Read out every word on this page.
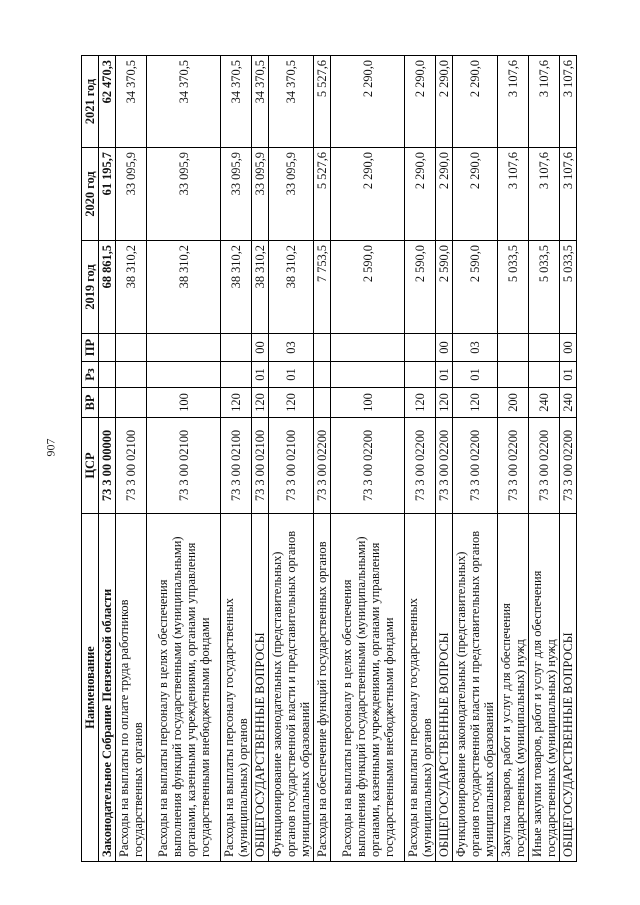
907
Наименование	ЦСР	ВР	Рз	ПР	2019 год	2020 год	2021 год
Законодательное Собрание Пензенской области	73 3 00 00000				68 861,5	61 195,7	62 470,3
Расходы на выплаты по оплате труда работников государственных органов	73 3 00 02100				38 310,2	33 095,9	34 370,5
Расходы на выплаты персоналу в целях обеспечения выполнения функций государственными (муниципальными) органами, казенными учреждениями, органами управления государственными внебюджетными фондами	73 3 00 02100	100			38 310,2	33 095,9	34 370,5
Расходы на выплаты персоналу государственных (муниципальных) органов	73 3 00 02100	120			38 310,2	33 095,9	34 370,5
ОБЩЕГОСУДАРСТВЕННЫЕ ВОПРОСЫ	73 3 00 02100	120	01	00	38 310,2	33 095,9	34 370,5
Функционирование законодательных (представительных) органов государственной власти и представительных органов муниципальных образований	73 3 00 02100	120	01	03	38 310,2	33 095,9	34 370,5
Расходы на обеспечение функций государственных органов	73 3 00 02200				7 753,5	5 527,6	5 527,6
Расходы на выплаты персоналу в целях обеспечения выполнения функций государственными (муниципальными) органами, казенными учреждениями, органами управления государственными внебюджетными фондами	73 3 00 02200	100			2 590,0	2 290,0	2 290,0
Расходы на выплаты персоналу государственных (муниципальных) органов	73 3 00 02200	120			2 590,0	2 290,0	2 290,0
ОБЩЕГОСУДАРСТВЕННЫЕ ВОПРОСЫ	73 3 00 02200	120	01	00	2 590,0	2 290,0	2 290,0
Функционирование законодательных (представительных) органов государственной власти и представительных органов муниципальных образований	73 3 00 02200	120	01	03	2 590,0	2 290,0	2 290,0
Закупка товаров, работ и услуг для обеспечения государственных (муниципальных) нужд	73 3 00 02200	200			5 033,5	3 107,6	3 107,6
Иные закупки товаров, работ и услуг для обеспечения государственных (муниципальных) нужд	73 3 00 02200	240			5 033,5	3 107,6	3 107,6
ОБЩЕГОСУДАРСТВЕННЫЕ ВОПРОСЫ	73 3 00 02200	240	01	00	5 033,5	3 107,6	3 107,6
